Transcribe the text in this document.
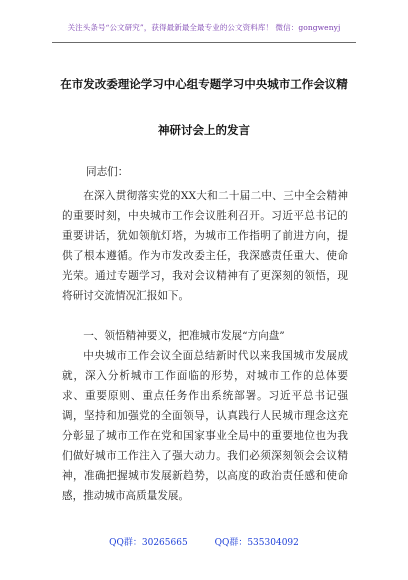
关注头条号“公文研究”，获得最新最全最专业的公文资料库！ 微信：gongwenyj
在市发改委理论学习中心组专题学习中央城市工作会议精
神研讨会上的发言
同志们：

在深入贯彻落实党的XX大和二十届二中、三中全会精神的重要时刻，中央城市工作会议胜利召开。习近平总书记的重要讲话，犹如领航灯塔，为城市工作指明了前进方向，提供了根本遵循。作为市发改委主任，我深感责任重大、使命光荣。通过专题学习，我对会议精神有了更深刻的领悟，现将研讨交流情况汇报如下。

一、领悟精神要义，把准城市发展“方向盘”

中央城市工作会议全面总结新时代以来我国城市发展成就，深入分析城市工作面临的形势，对城市工作的总体要求、重要原则、重点任务作出系统部署。习近平总书记强调，坚持和加强党的全面领导，认真践行人民城市理念这充分彰显了城市工作在党和国家事业全局中的重要地位也为我们做好城市工作注入了强大动力。我们必须深刻领会会议精神，准确把握城市发展新趋势，以高度的政治责任感和使命感，推动城市高质量发展。

QQ群：30265665	QQ群：535304092
